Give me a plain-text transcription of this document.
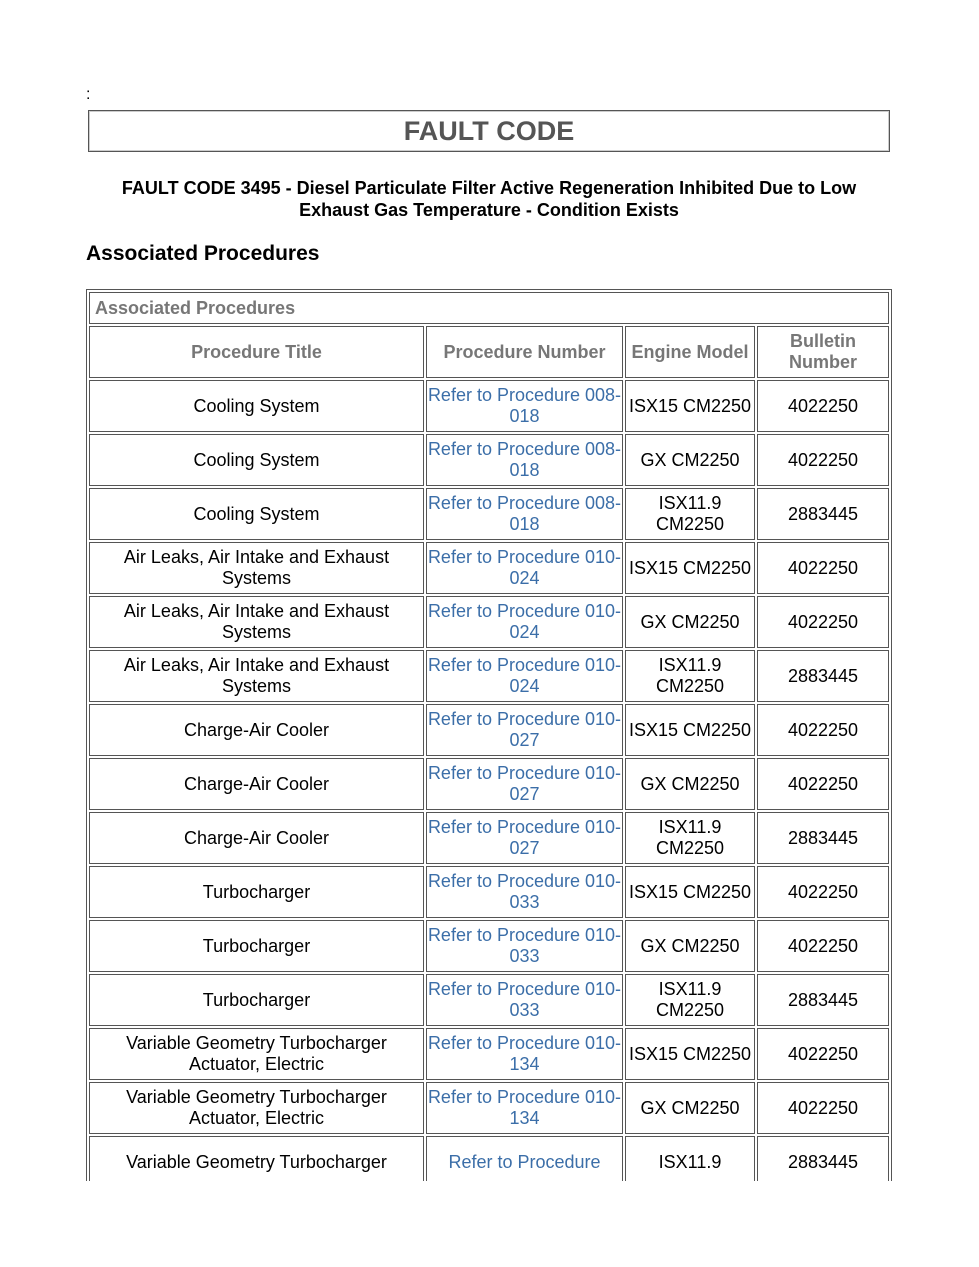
:
FAULT CODE
FAULT CODE 3495 - Diesel Particulate Filter Active Regeneration Inhibited Due to Low Exhaust Gas Temperature - Condition Exists
Associated Procedures
Associated Procedures			
Procedure Title	Procedure Number	Engine Model	Bulletin Number
Cooling System	Refer to Procedure 008-018	ISX15 CM2250	4022250
Cooling System	Refer to Procedure 008-018	GX CM2250	4022250
Cooling System	Refer to Procedure 008-018	ISX11.9 CM2250	2883445
Air Leaks, Air Intake and Exhaust Systems	Refer to Procedure 010-024	ISX15 CM2250	4022250
Air Leaks, Air Intake and Exhaust Systems	Refer to Procedure 010-024	GX CM2250	4022250
Air Leaks, Air Intake and Exhaust Systems	Refer to Procedure 010-024	ISX11.9 CM2250	2883445
Charge-Air Cooler	Refer to Procedure 010-027	ISX15 CM2250	4022250
Charge-Air Cooler	Refer to Procedure 010-027	GX CM2250	4022250
Charge-Air Cooler	Refer to Procedure 010-027	ISX11.9 CM2250	2883445
Turbocharger	Refer to Procedure 010-033	ISX15 CM2250	4022250
Turbocharger	Refer to Procedure 010-033	GX CM2250	4022250
Turbocharger	Refer to Procedure 010-033	ISX11.9 CM2250	2883445
Variable Geometry Turbocharger Actuator, Electric	Refer to Procedure 010-134	ISX15 CM2250	4022250
Variable Geometry Turbocharger Actuator, Electric	Refer to Procedure 010-134	GX CM2250	4022250
Variable Geometry Turbocharger	Refer to Procedure	ISX11.9	2883445
